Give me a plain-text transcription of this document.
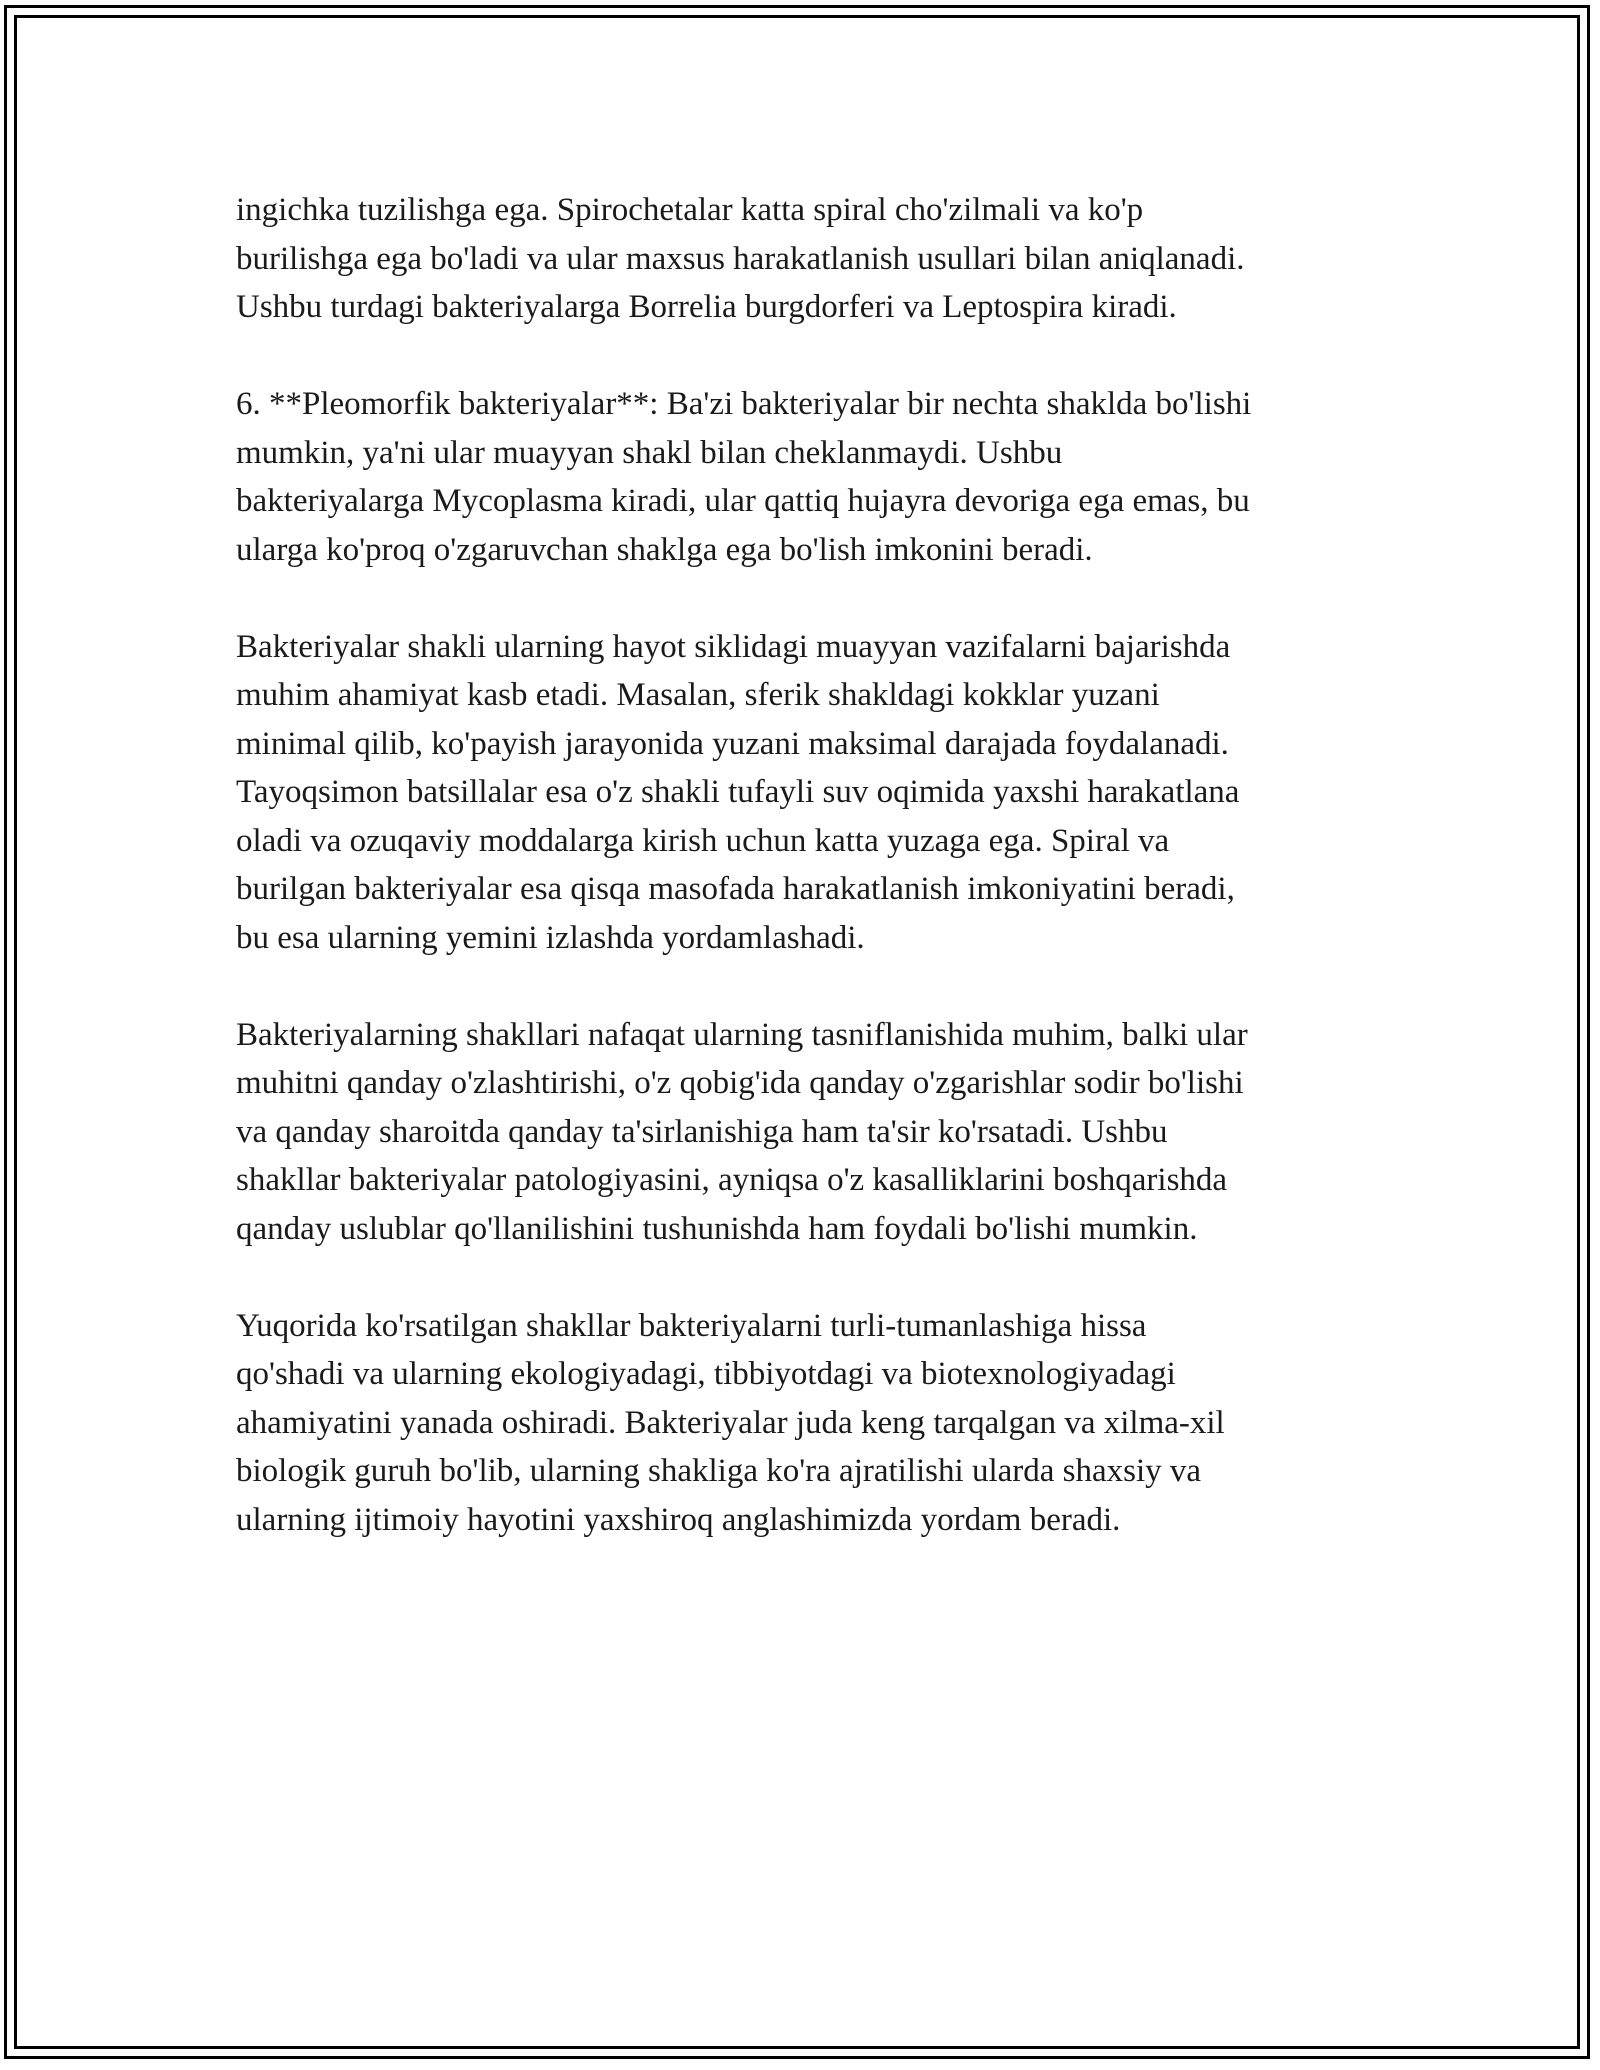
ingichka tuzilishga ega. Spirochetalar katta spiral cho'zilmali va ko'p
burilishga ega bo'ladi va ular maxsus harakatlanish usullari bilan aniqlanadi.
Ushbu turdagi bakteriyalarga Borrelia burgdorferi va Leptospira kiradi.

6. **Pleomorfik bakteriyalar**: Ba'zi bakteriyalar bir nechta shaklda bo'lishi
mumkin, ya'ni ular muayyan shakl bilan cheklanmaydi. Ushbu
bakteriyalarga Mycoplasma kiradi, ular qattiq hujayra devoriga ega emas, bu
ularga ko'proq o'zgaruvchan shaklga ega bo'lish imkonini beradi.

Bakteriyalar shakli ularning hayot siklidagi muayyan vazifalarni bajarishda
muhim ahamiyat kasb etadi. Masalan, sferik shakldagi kokklar yuzani
minimal qilib, ko'payish jarayonida yuzani maksimal darajada foydalanadi.
Tayoqsimon batsillalar esa o'z shakli tufayli suv oqimida yaxshi harakatlana
oladi va ozuqaviy moddalarga kirish uchun katta yuzaga ega. Spiral va
burilgan bakteriyalar esa qisqa masofada harakatlanish imkoniyatini beradi,
bu esa ularning yemini izlashda yordamlashadi.

Bakteriyalarning shakllari nafaqat ularning tasniflanishida muhim, balki ular
muhitni qanday o'zlashtirishi, o'z qobig'ida qanday o'zgarishlar sodir bo'lishi
va qanday sharoitda qanday ta'sirlanishiga ham ta'sir ko'rsatadi. Ushbu
shakllar bakteriyalar patologiyasini, ayniqsa o'z kasalliklarini boshqarishda
qanday uslublar qo'llanilishini tushunishda ham foydali bo'lishi mumkin.

Yuqorida ko'rsatilgan shakllar bakteriyalarni turli-tumanlashiga hissa
qo'shadi va ularning ekologiyadagi, tibbiyotdagi va biotexnologiyadagi
ahamiyatini yanada oshiradi. Bakteriyalar juda keng tarqalgan va xilma-xil
biologik guruh bo'lib, ularning shakliga ko'ra ajratilishi ularda shaxsiy va
ularning ijtimoiy hayotini yaxshiroq anglashimizda yordam beradi.
